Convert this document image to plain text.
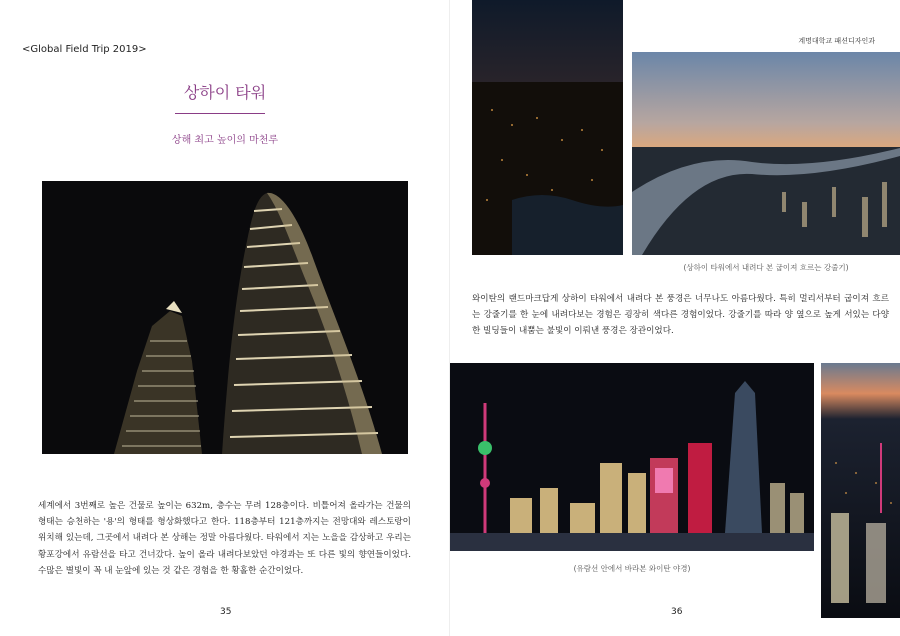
<Global Field Trip 2019>
상하이 타워
상해 최고 높이의 마천루
세계에서 3번째로 높은 건물로 높이는 632m, 층수는 무려 128층이다. 비틀어져 올라가는 건물의 형태는 승천하는 '용'의 형태를 형상화했다고 한다. 118층부터 121층까지는 전망대와 레스토랑이 위치해 있는데, 그곳에서 내려다 본 상해는 정말 아름다웠다. 타워에서 지는 노을을 감상하고 우리는 황포강에서 유람선을 타고 건너갔다. 높이 올라 내려다보았던 야경과는 또 다른 빛의 향연들이었다. 수많은 별빛이 꼭 내 눈앞에 있는 것 같은 경험을 한 황홀한 순간이었다.
35
계명대학교 패션디자인과
(상하이 타워에서 내려다 본 굽이져 흐르는 강줄기)
와이탄의 랜드마크답게 상하이 타워에서 내려다 본 풍경은 너무나도 아름다웠다. 특히 멀리서부터 굽이져 흐르는 강줄기를 한 눈에 내려다보는 경험은 굉장히 색다른 경험이었다. 강줄기를 따라 양 옆으로 높게 서있는 다양한 빌딩들이 내뿜는 불빛이 이뤄낸 풍경은 장관이었다.
(유람선 안에서 바라본 와이탄 야경)
36
